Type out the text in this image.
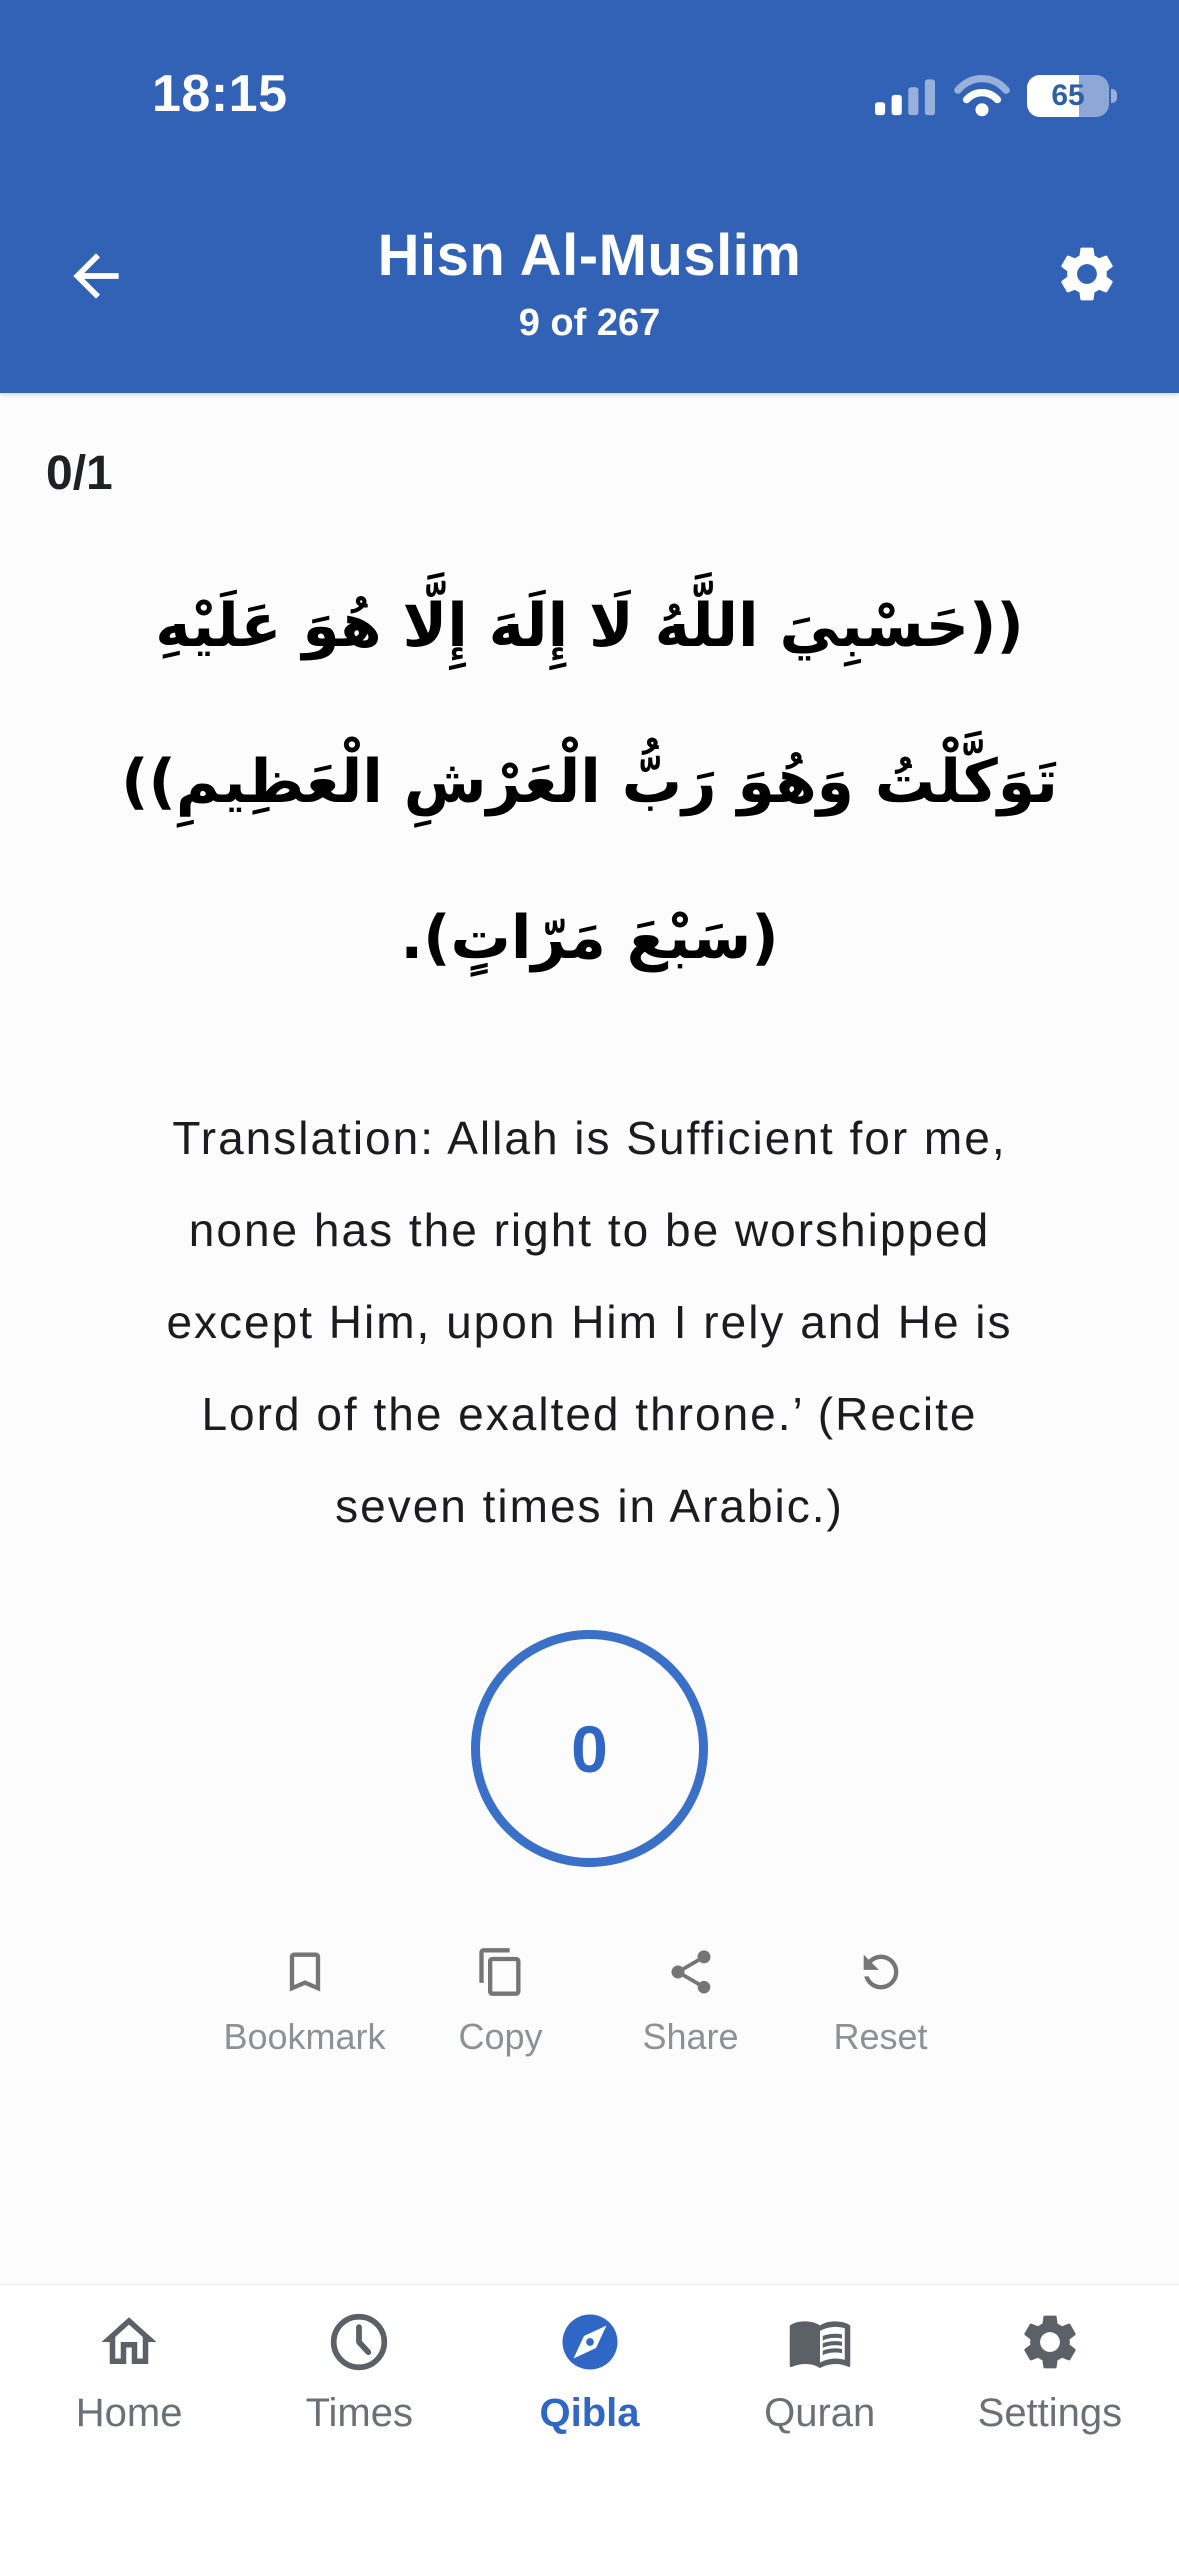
18:15	65
Hisn Al-Muslim
9 of 267
0/1
((حَسْبِيَ اللَّهُ لَا إِلَهَ إِلَّا هُوَ عَلَيْهِ
تَوَكَّلْتُ وَهُوَ رَبُّ الْعَرْشِ الْعَظِيمِ))
(سَبْعَ مَرّاتٍ).
Translation: Allah is Sufficient for me,
none has the right to be worshipped
except Him, upon Him I rely and He is
Lord of the exalted throne.’ (Recite
seven times in Arabic.)
0
Bookmark Copy	Share	Reset
Home	Times	Qibla	Quran	Settings
